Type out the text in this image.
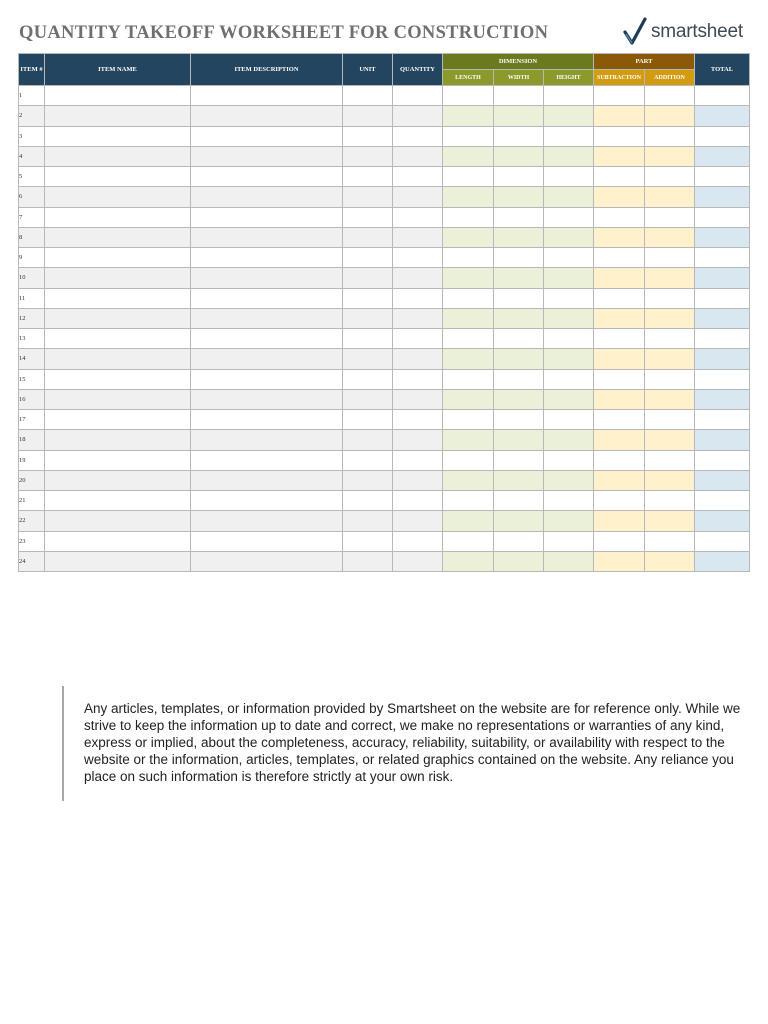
QUANTITY TAKEOFF WORKSHEET FOR CONSTRUCTION	smartsheet
ITEM #	ITEM NAME	ITEM DESCRIPTION	UNIT	QUANTITY	DIMENSION			PART		TOTAL
					LENGTH	WIDTH	HEIGHT	SUBTRACTION	ADDITION	
1										
2										
3										
4										
5										
6										
7										
8										
9										
10										
11										
12										
13										
14										
15										
16										
17										
18										
19										
20										
21										
22										
23										
24										

Any articles, templates, or information provided by Smartsheet on the website are for reference only. While we strive to keep the information up to date and correct, we make no representations or warranties of any kind, express or implied, about the completeness, accuracy, reliability, suitability, or availability with respect to the website or the information, articles, templates, or related graphics contained on the website. Any reliance you place on such information is therefore strictly at your own risk.
